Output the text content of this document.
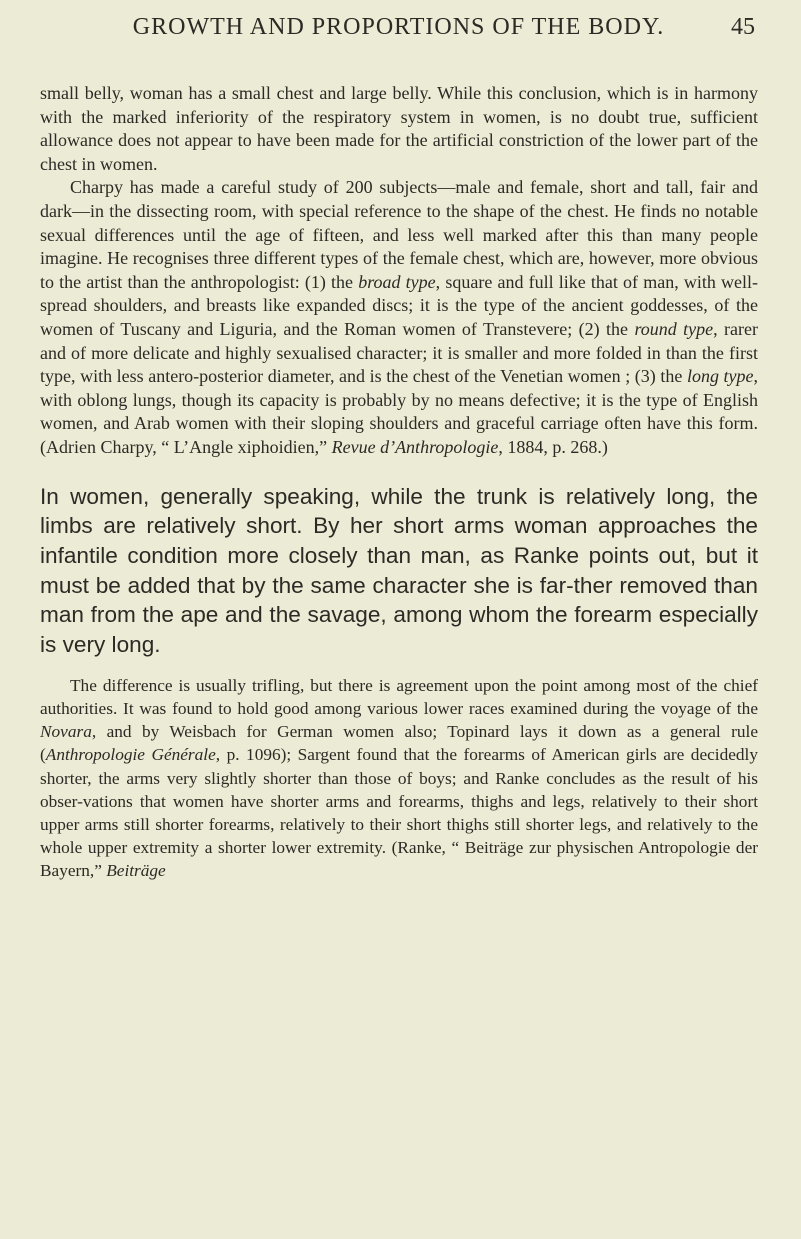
GROWTH AND PROPORTIONS OF THE BODY.	45

small belly, woman has a small chest and large belly. While this conclusion, which is in harmony with the marked inferiority of the respiratory system in women, is no doubt true, sufficient allowance does not appear to have been made for the artificial constriction of the lower part of the chest in women.

Charpy has made a careful study of 200 subjects—male and female, short and tall, fair and dark—in the dissecting room, with special reference to the shape of the chest. He finds no notable sexual differences until the age of fifteen, and less well marked after this than many people imagine. He recognises three different types of the female chest, which are, however, more obvious to the artist than the anthropologist: (1) the broad type, square and full like that of man, with well-spread shoulders, and breasts like expanded discs; it is the type of the ancient goddesses, of the women of Tuscany and Liguria, and the Roman women of Transtevere; (2) the round type, rarer and of more delicate and highly sexualised character; it is smaller and more folded in than the first type, with less antero-posterior diameter, and is the chest of the Venetian women ; (3) the long type, with oblong lungs, though its capacity is probably by no means defective; it is the type of English women, and Arab women with their sloping shoulders and graceful carriage often have this form. (Adrien Charpy, “ L’Angle xiphoidien,” Revue d’Anthropologie, 1884, p. 268.)

In women, generally speaking, while the trunk is relatively long, the limbs are relatively short. By her short arms woman approaches the infantile condition more closely than man, as Ranke points out, but it must be added that by the same character she is far-ther removed than man from the ape and the savage, among whom the forearm especially is very long.

The difference is usually trifling, but there is agreement upon the point among most of the chief authorities. It was found to hold good among various lower races examined during the voyage of the Novara, and by Weisbach for German women also; Topinard lays it down as a general rule (Anthropologie Générale, p. 1096); Sargent found that the forearms of American girls are decidedly shorter, the arms very slightly shorter than those of boys; and Ranke concludes as the result of his obser-vations that women have shorter arms and forearms, thighs and legs, relatively to their short upper arms still shorter forearms, relatively to their short thighs still shorter legs, and relatively to the whole upper extremity a shorter lower extremity. (Ranke, “ Beiträge zur physischen Antropologie der Bayern,” Beiträge
